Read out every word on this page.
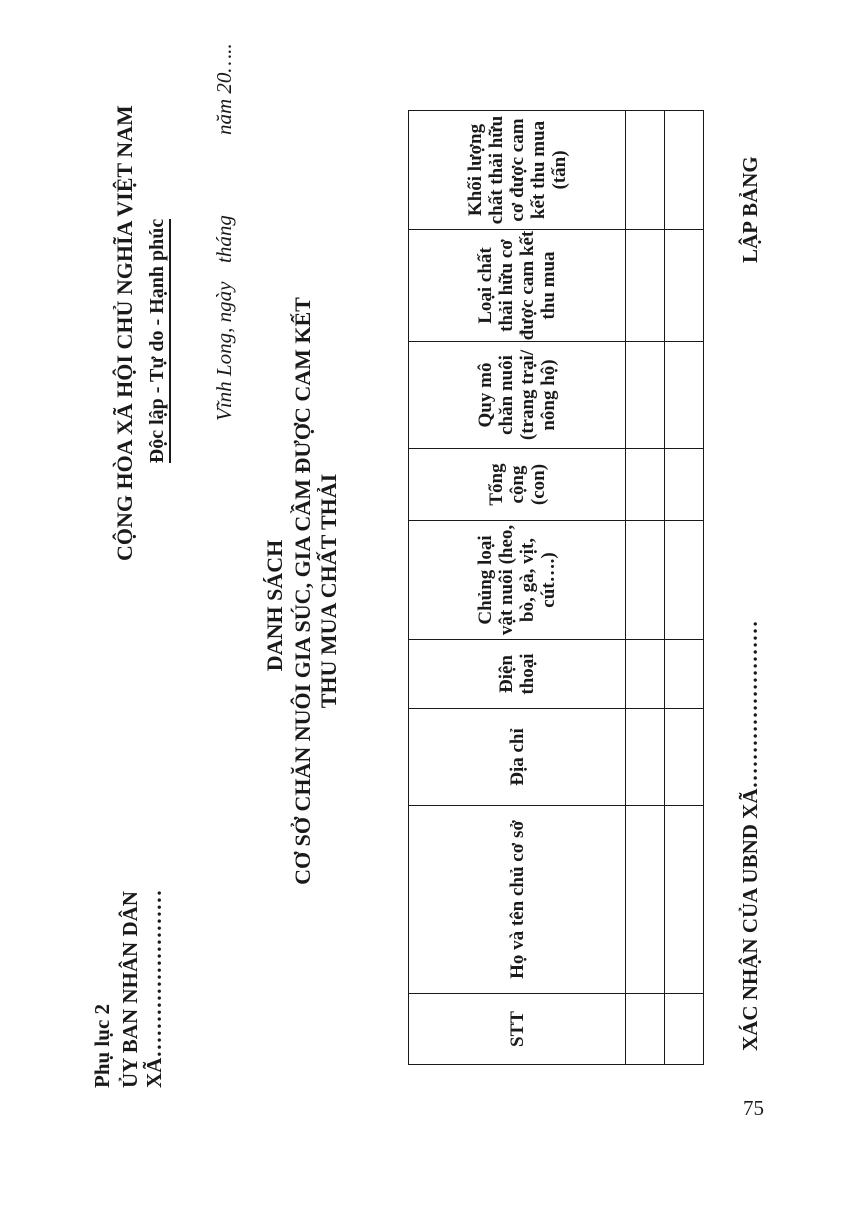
Phụ lục 2 ỦY BAN NHÂN DÂN XÃ……………………
CỘNG HÒA XÃ HỘI CHỦ NGHĨA VIỆT NAM Độc lập - Tự do - Hạnh phúc Vĩnh Long, ngàythángnăm 20…..
DANH SÁCH CƠ SỞ CHĂN NUÔI GIA SÚC, GIA CẦM ĐƯỢC CAM KẾT THU MUA CHẤT THẢI
STT	Họ và tên chủ cơ sở	Địa chỉ	Điện thoại	Chủng loại vật nuôi (heo, bò, gà, vịt, cút….)	Tổng cộng (con)	Quy mô chăn nuôi (trang trại/ nông hộ)	Loại chất thải hữu cơ được cam kết thu mua	Khối lượng chất thải hữu cơ được cam kết thu mua (tấn)

XÁC NHẬN CỦA UBND XÃ……………………
LẬP BẢNG
75
